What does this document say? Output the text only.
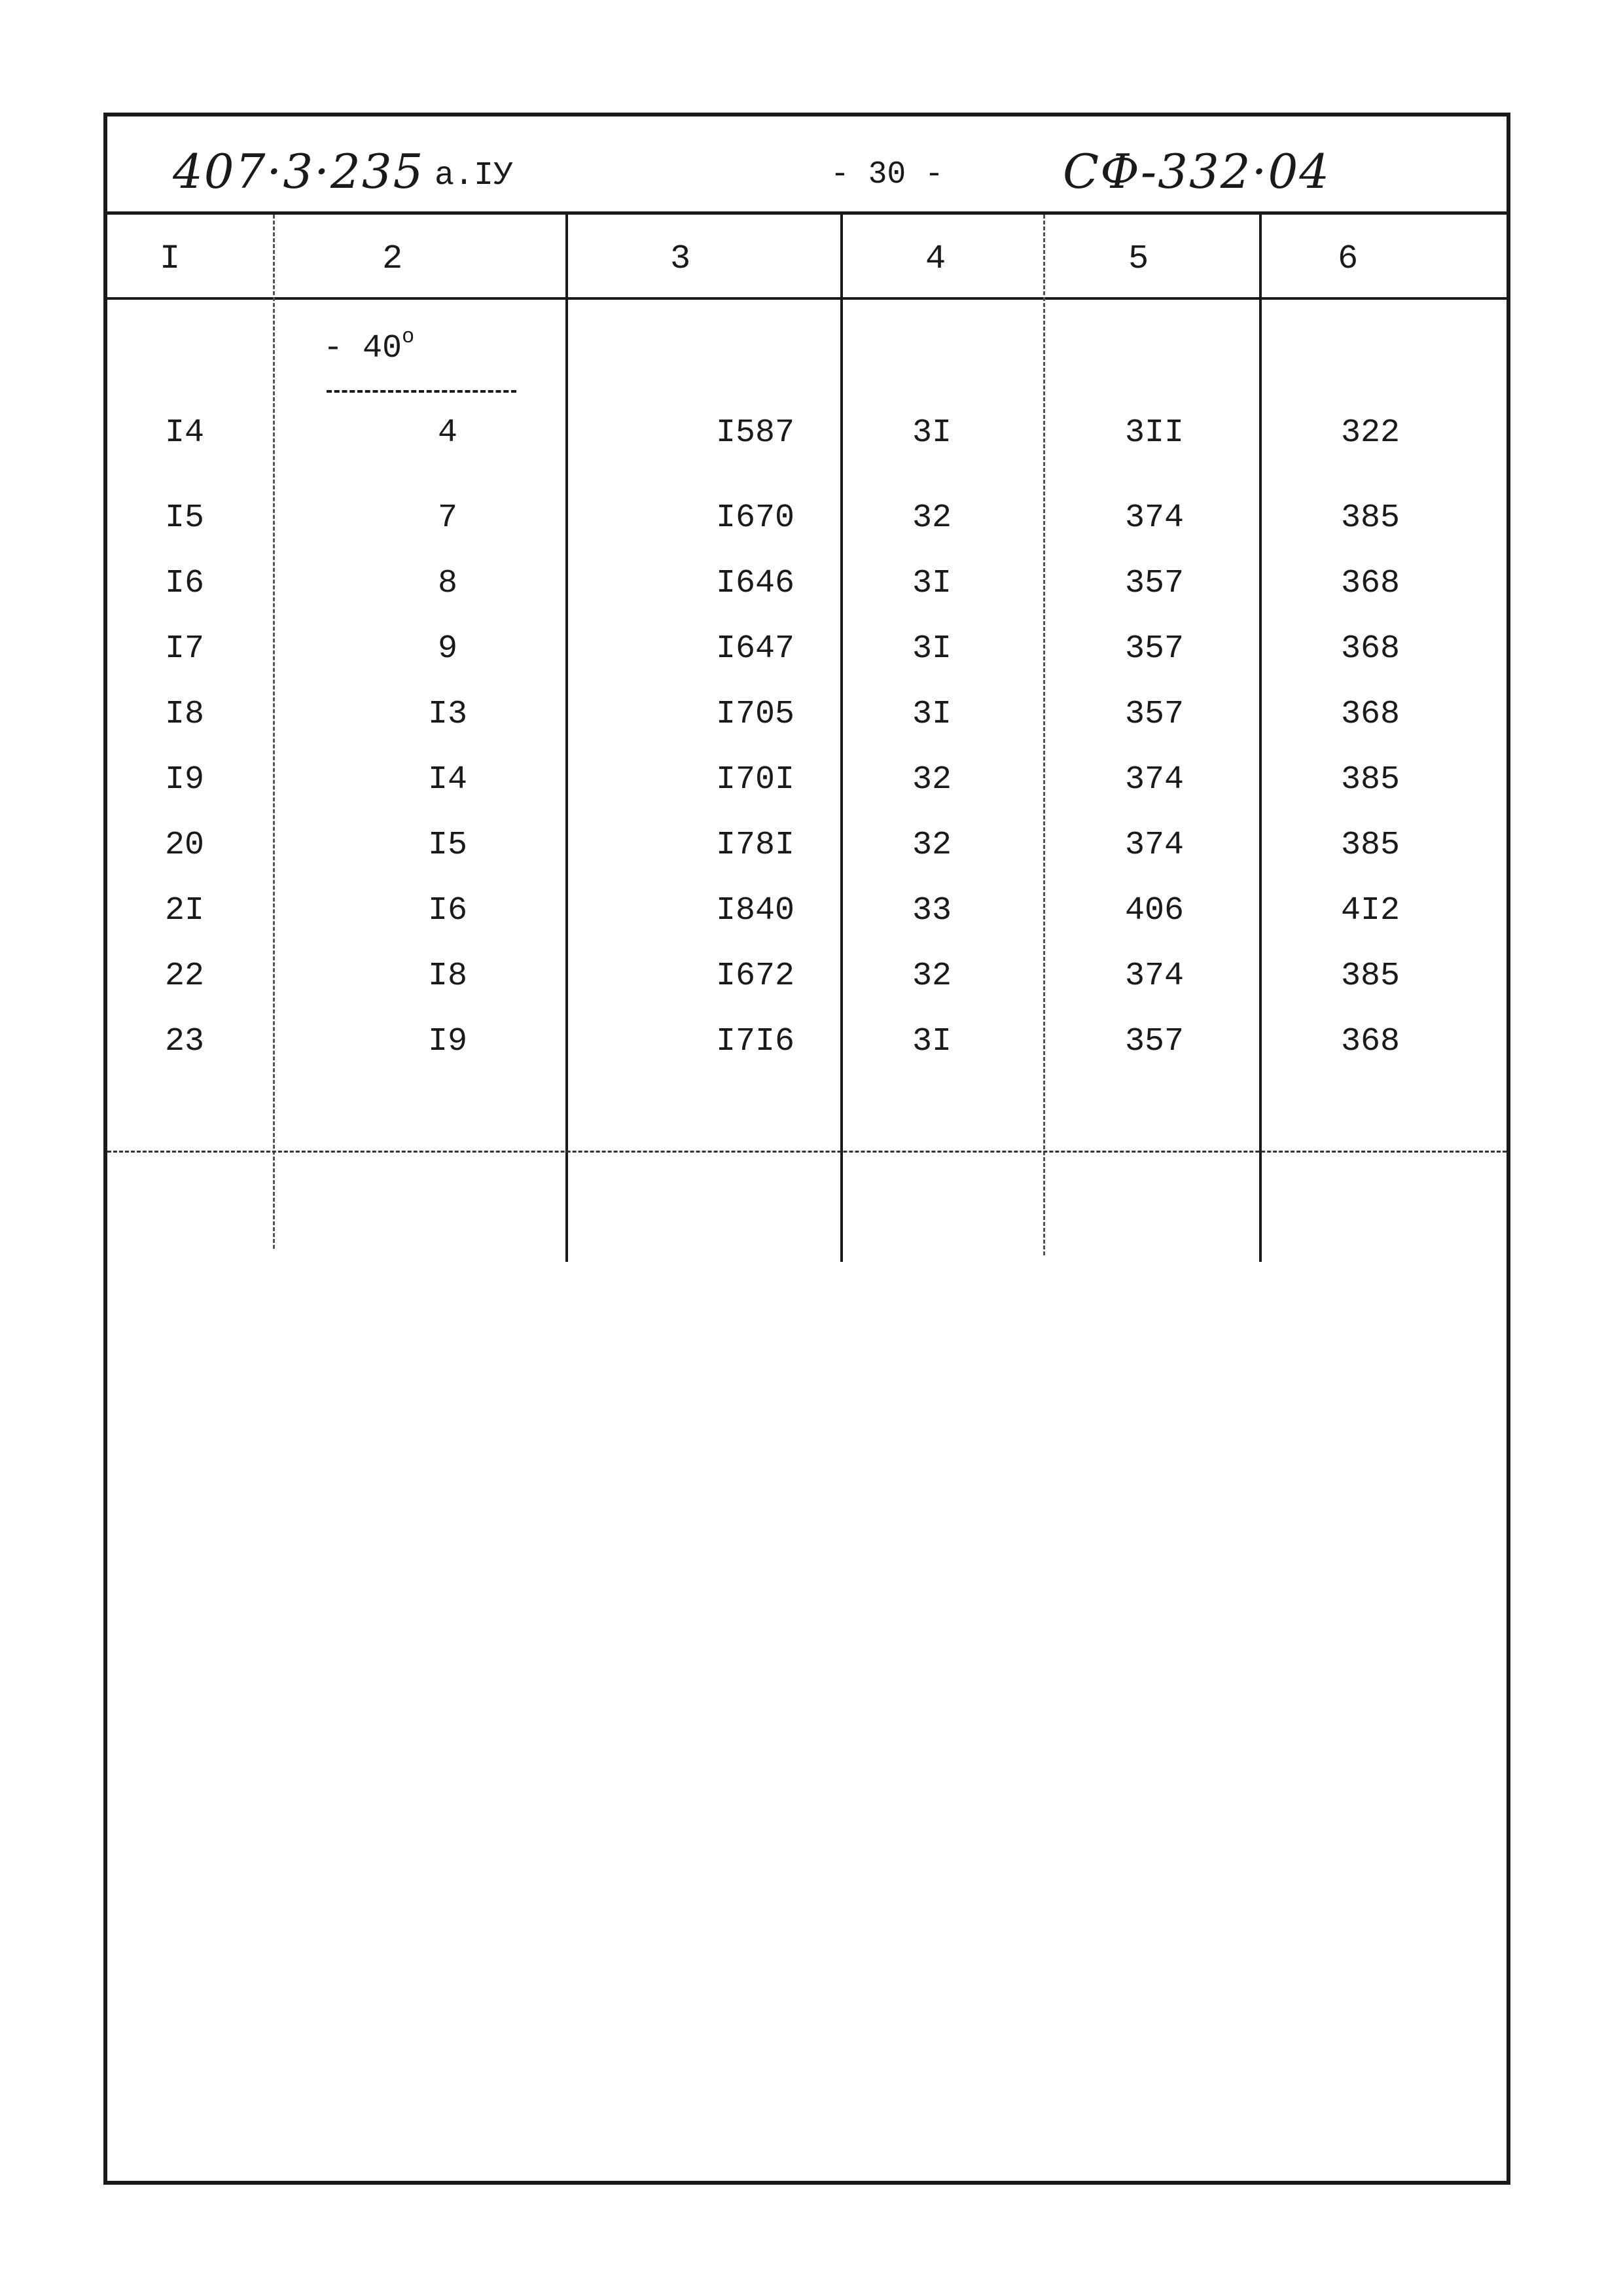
407·3·235 а.IУ	- 30 -	СФ-332·04
I	2	3	4	5	6
- 40$^o$
I4	4	I587	3I	3II	322
I5	7	I670	32	374	385
I6	8	I646	3I	357	368
I7	9	I647	3I	357	368
I8	I3	I705	3I	357	368
I9	I4	I70I	32	374	385
20	I5	I78I	32	374	385
2I	I6	I840	33	406	4I2
22	I8	I672	32	374	385
23	I9	I7I6	3I	357	368
